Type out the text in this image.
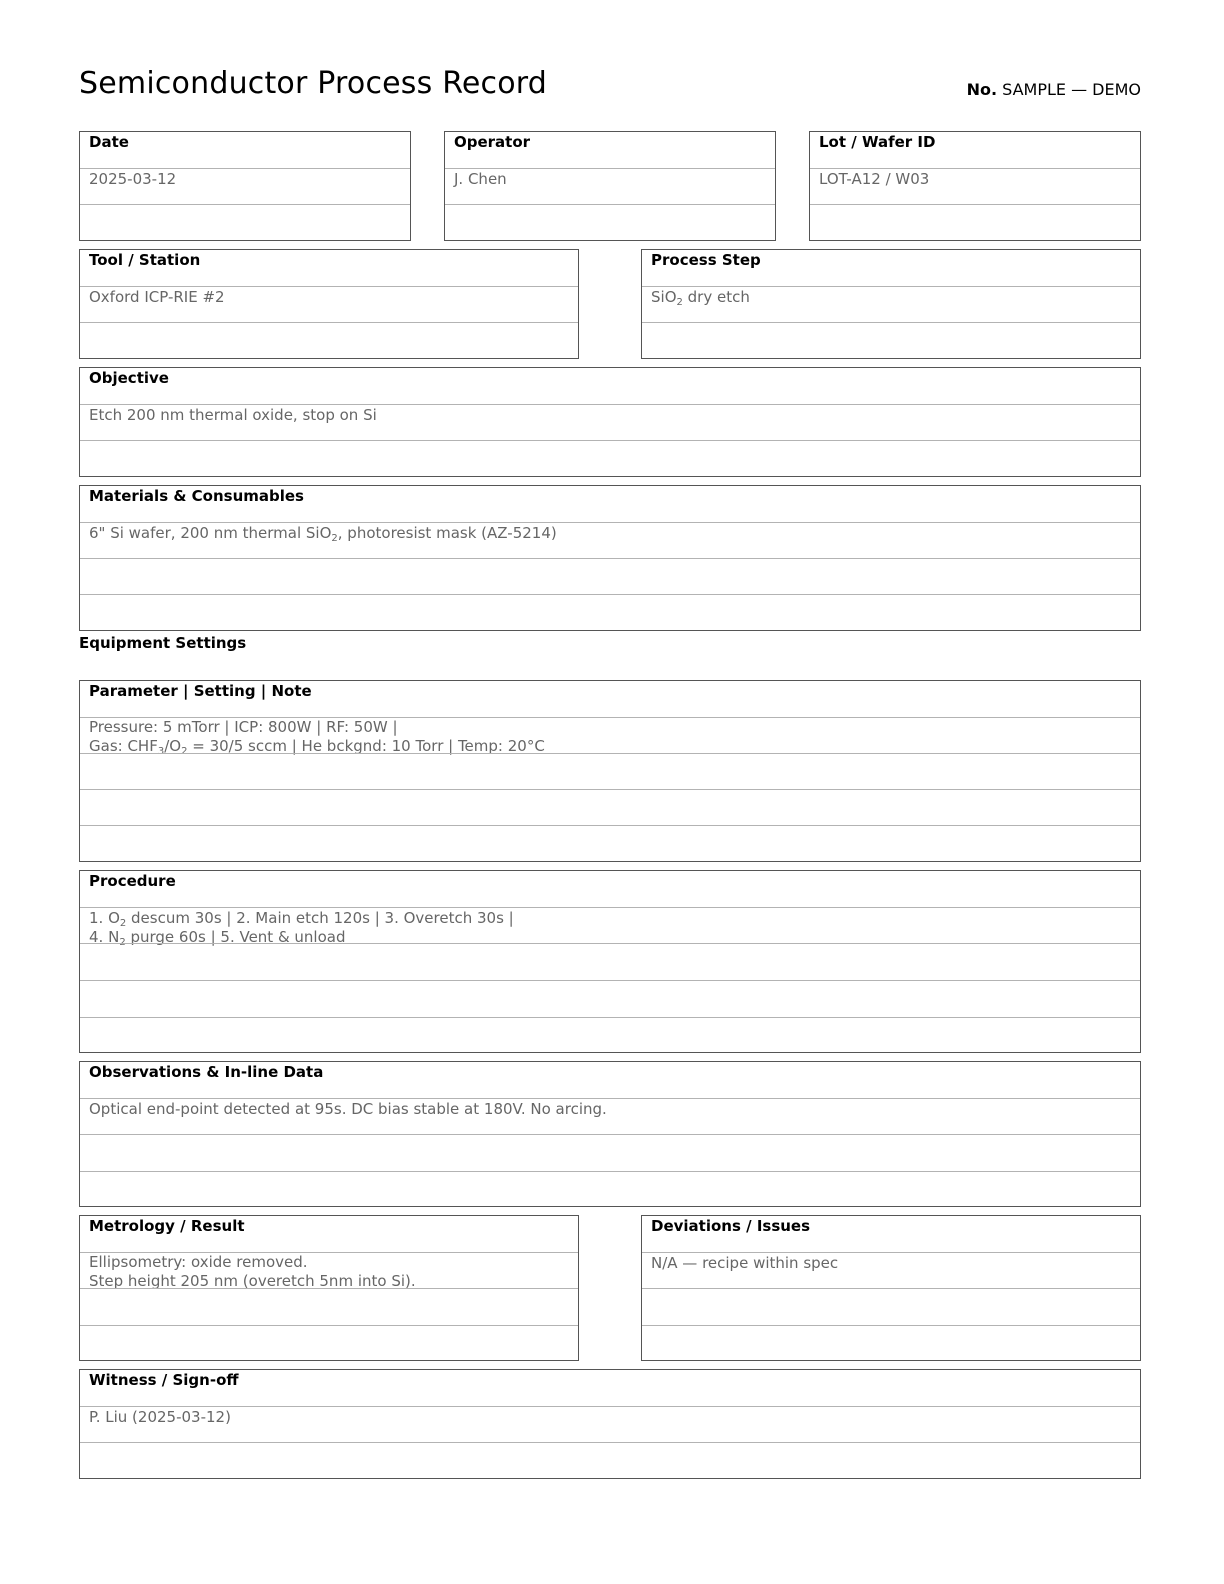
Semiconductor Process Record	No. SAMPLE — DEMO
Date
2025-03-12
Operator
J. Chen
Lot / Wafer ID
LOT-A12 / W03
Tool / Station
Oxford ICP-RIE #2
Process Step
SiO$_2$ dry etch
Objective
Etch 200 nm thermal oxide, stop on Si
Materials & Consumables
6" Si wafer, 200 nm thermal SiO$_2$, photoresist mask (AZ-5214)
Equipment Settings
Parameter | Setting | Note
Pressure: 5 mTorr | ICP: 800W | RF: 50W |
Gas: $CHF_3/O_2 = 30/5$ sccm | He bckgnd: 10 Torr | Temp: 20°C
Procedure
1. $O_2$ descum 30s | 2. Main etch 120s | 3. Overetch 30s |
4. $N_2$ purge 60s | 5. Vent & unload
Observations & In-line Data
Optical end-point detected at 95s. DC bias stable at 180V. No arcing.
Metrology / Result
Ellipsometry: oxide removed.
Step height 205 nm (overetch 5nm into Si).
Deviations / Issues
N/A — recipe within spec
Witness / Sign-off
P. Liu (2025-03-12)
